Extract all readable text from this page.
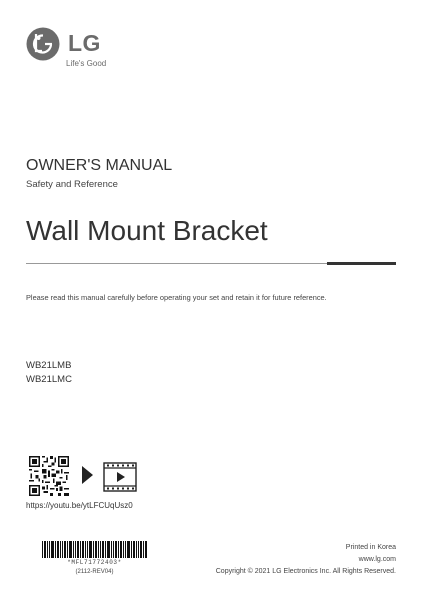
LG
Life's Good
OWNER'S MANUAL
Safety and Reference
Wall Mount Bracket
Please read this manual carefully before operating your set and retain it for future reference.
WB21LMB
WB21LMC
https://youtu.be/ytLFCUqUsz0
*MFL71772403*
(2112-REV04)
Printed in Korea
www.lg.com
Copyright © 2021 LG Electronics Inc. All Rights Reserved.
